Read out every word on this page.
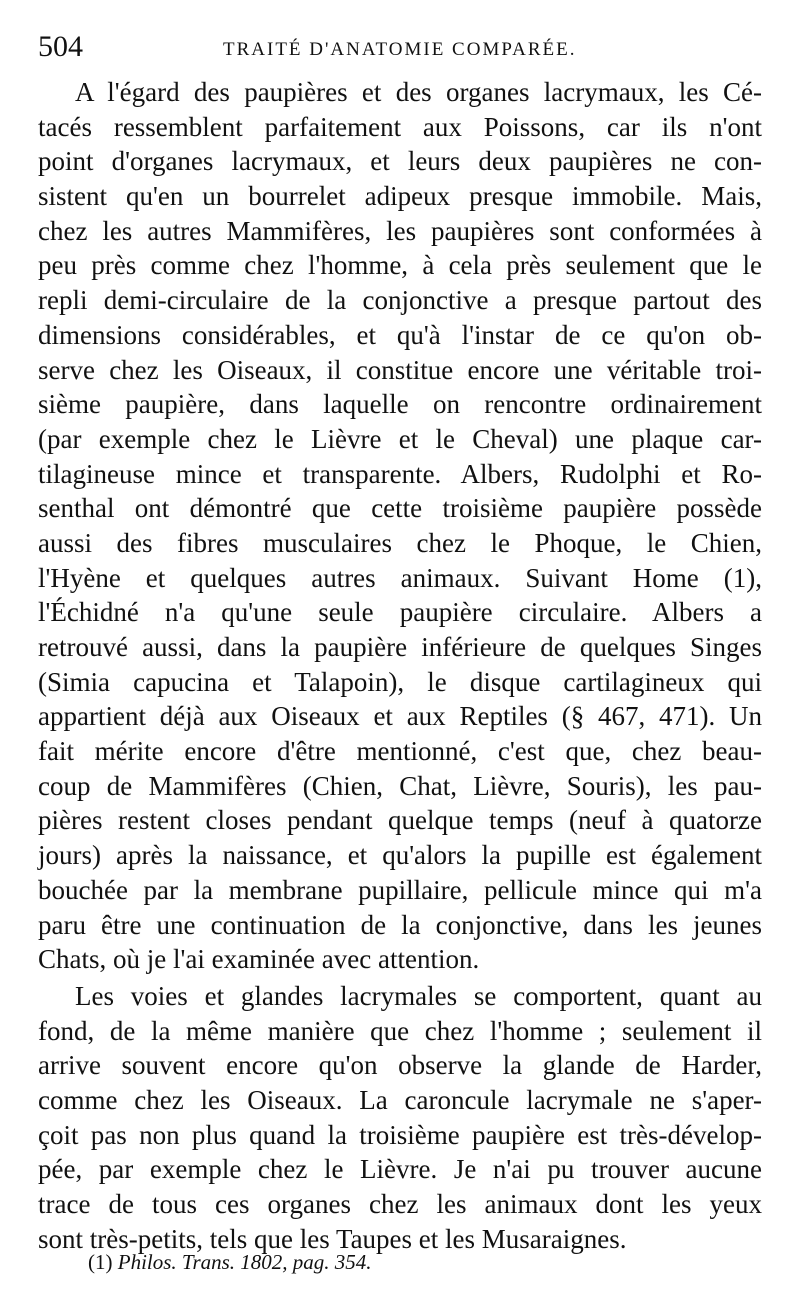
504	TRAITÉ D'ANATOMIE COMPARÉE.
A l'égard des paupières et des organes lacrymaux, les Cé-
tacés ressemblent parfaitement aux Poissons, car ils n'ont
point d'organes lacrymaux, et leurs deux paupières ne con-
sistent qu'en un bourrelet adipeux presque immobile. Mais,
chez les autres Mammifères, les paupières sont conformées à
peu près comme chez l'homme, à cela près seulement que le
repli demi-circulaire de la conjonctive a presque partout des
dimensions considérables, et qu'à l'instar de ce qu'on ob-
serve chez les Oiseaux, il constitue encore une véritable troi-
sième paupière, dans laquelle on rencontre ordinairement
(par exemple chez le Lièvre et le Cheval) une plaque car-
tilagineuse mince et transparente. Albers, Rudolphi et Ro-
senthal ont démontré que cette troisième paupière possède
aussi des fibres musculaires chez le Phoque, le Chien,
l'Hyène et quelques autres animaux. Suivant Home (1),
l'Échidné n'a qu'une seule paupière circulaire. Albers a
retrouvé aussi, dans la paupière inférieure de quelques Singes
(Simia capucina et Talapoin), le disque cartilagineux qui
appartient déjà aux Oiseaux et aux Reptiles (§ 467, 471). Un
fait mérite encore d'être mentionné, c'est que, chez beau-
coup de Mammifères (Chien, Chat, Lièvre, Souris), les pau-
pières restent closes pendant quelque temps (neuf à quatorze
jours) après la naissance, et qu'alors la pupille est également
bouchée par la membrane pupillaire, pellicule mince qui m'a
paru être une continuation de la conjonctive, dans les jeunes
Chats, où je l'ai examinée avec attention.
Les voies et glandes lacrymales se comportent, quant au
fond, de la même manière que chez l'homme ; seulement il
arrive souvent encore qu'on observe la glande de Harder,
comme chez les Oiseaux. La caroncule lacrymale ne s'aper-
çoit pas non plus quand la troisième paupière est très-dévelop-
pée, par exemple chez le Lièvre. Je n'ai pu trouver aucune
trace de tous ces organes chez les animaux dont les yeux
sont très-petits, tels que les Taupes et les Musaraignes.
(1) Philos. Trans. 1802, pag. 354.
